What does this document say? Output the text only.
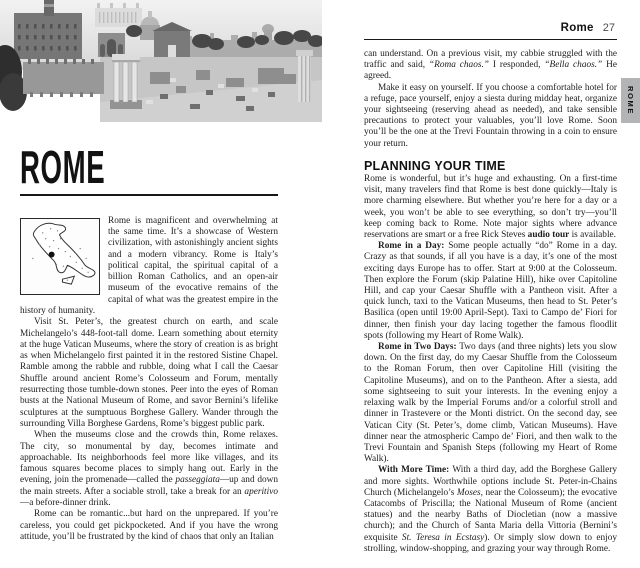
ROME
ROME

Rome is magnificent and overwhelming at the same time. It’s a showcase of Western civilization, with astonishingly ancient sights and a modern vibrancy. Rome is Italy’s political capital, the spiritual capital of a billion Roman Catholics, and an open-air museum of the evocative remains of the capital of what was the greatest empire in the history of humanity.

Visit St. Peter’s, the greatest church on earth, and scale Michelangelo’s 448-foot-tall dome. Learn something about eternity at the huge Vatican Museums, where the story of creation is as bright as when Michelangelo first painted it in the restored Sistine Chapel. Ramble among the rabble and rubble, doing what I call the Caesar Shuffle around ancient Rome’s Colosseum and Forum, mentally resurrecting those tumble-down stones. Peer into the eyes of Roman busts at the National Museum of Rome, and savor Bernini’s lifelike sculptures at the sumptuous Borghese Gallery. Wander through the surrounding Villa Borghese Gardens, Rome’s biggest public park.

When the museums close and the crowds thin, Rome relaxes. The city, so monumental by day, becomes intimate and approachable. Its neighborhoods feel more like villages, and its famous squares become places to simply hang out. Early in the evening, join the promenade—called the passeggiata—up and down the main streets. After a sociable stroll, take a break for an aperitivo—a before-dinner drink.

Rome can be romantic...but hard on the unprepared. If you’re careless, you could get pickpocketed. And if you have the wrong attitude, you’ll be frustrated by the kind of chaos that only an Italian

Rome 27

can understand. On a previous visit, my cabbie struggled with the traffic and said, “Roma chaos.” I responded, “Bella chaos.” He agreed.

Make it easy on yourself. If you choose a comfortable hotel for a refuge, pace yourself, enjoy a siesta during midday heat, organize your sightseeing (reserving ahead as needed), and take sensible precautions to protect your valuables, you’ll love Rome. Soon you’ll be the one at the Trevi Fountain throwing in a coin to ensure your return.

PLANNING YOUR TIME

Rome is wonderful, but it’s huge and exhausting. On a first-time visit, many travelers find that Rome is best done quickly—Italy is more charming elsewhere. But whether you’re here for a day or a week, you won’t be able to see everything, so don’t try—you’ll keep coming back to Rome. Note major sights where advance reservations are smart or a free Rick Steves audio tour is available.

Rome in a Day: Some people actually “do” Rome in a day. Crazy as that sounds, if all you have is a day, it’s one of the most exciting days Europe has to offer. Start at 9:00 at the Colosseum. Then explore the Forum (skip Palatine Hill), hike over Capitoline Hill, and cap your Caesar Shuffle with a Pantheon visit. After a quick lunch, taxi to the Vatican Museums, then head to St. Peter’s Basilica (open until 19:00 April-Sept). Taxi to Campo de’ Fiori for dinner, then finish your day lacing together the famous floodlit spots (following my Heart of Rome Walk).

Rome in Two Days: Two days (and three nights) lets you slow down. On the first day, do my Caesar Shuffle from the Colosseum to the Roman Forum, then over Capitoline Hill (visiting the Capitoline Museums), and on to the Pantheon. After a siesta, add some sightseeing to suit your interests. In the evening enjoy a relaxing walk by the Imperial Forums and/or a colorful stroll and dinner in Trastevere or the Monti district. On the second day, see Vatican City (St. Peter’s, dome climb, Vatican Museums). Have dinner near the atmospheric Campo de’ Fiori, and then walk to the Trevi Fountain and Spanish Steps (following my Heart of Rome Walk).

With More Time: With a third day, add the Borghese Gallery and more sights. Worthwhile options include St. Peter-in-Chains Church (Michelangelo’s Moses, near the Colosseum); the evocative Catacombs of Priscilla; the National Museum of Rome (ancient statues) and the nearby Baths of Diocletian (now a massive church); and the Church of Santa Maria della Vittoria (Bernini’s exquisite St. Teresa in Ecstasy). Or simply slow down to enjoy strolling, window-shopping, and grazing your way through Rome.
